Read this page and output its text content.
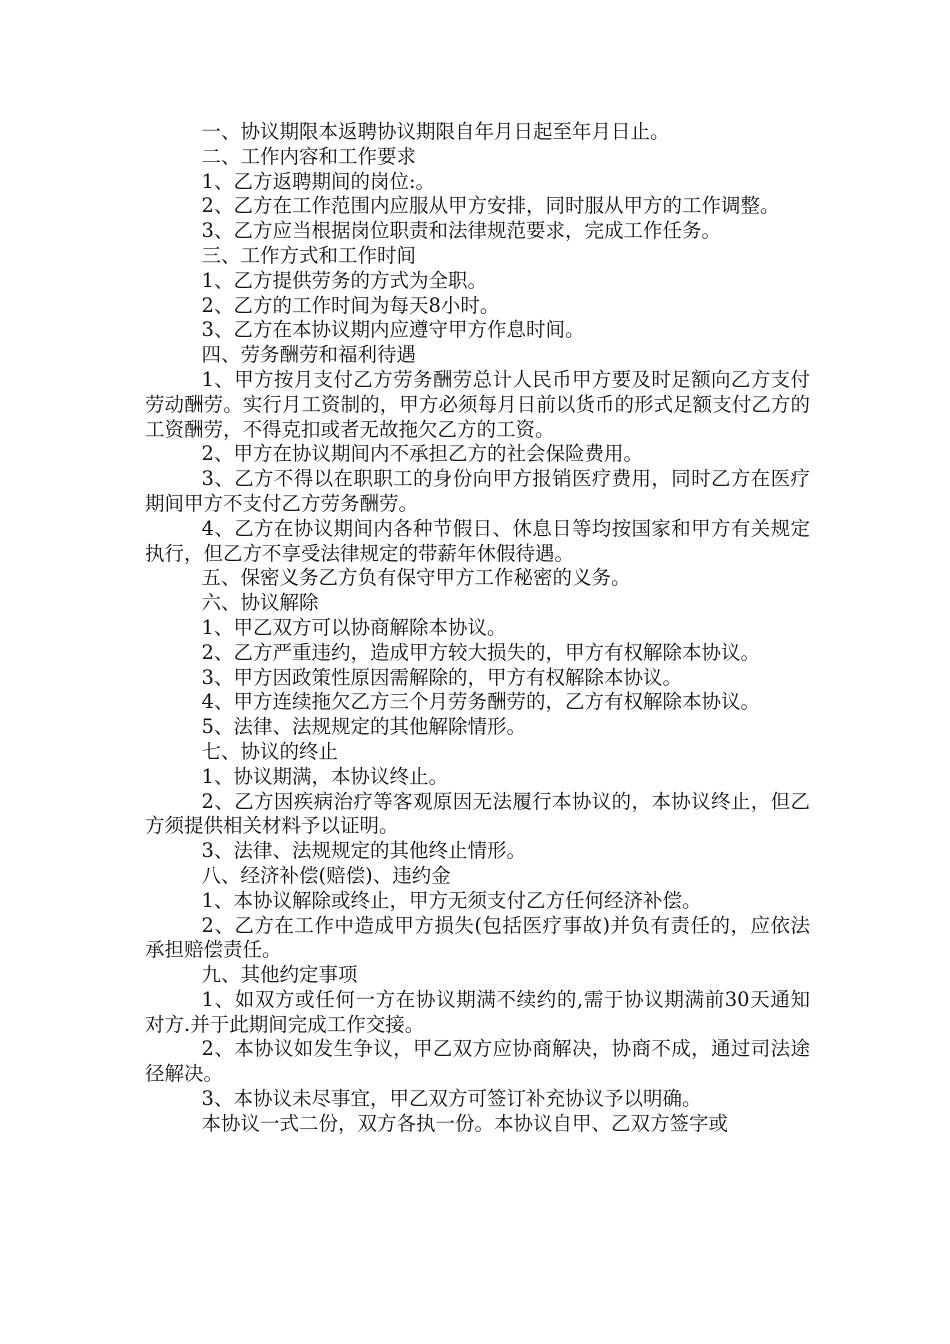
一、协议期限本返聘协议期限自年月日起至年月日止。

二、工作内容和工作要求

1、乙方返聘期间的岗位:。

2、乙方在工作范围内应服从甲方安排，同时服从甲方的工作调整。

3、乙方应当根据岗位职责和法律规范要求，完成工作任务。

三、工作方式和工作时间

1、乙方提供劳务的方式为全职。

2、乙方的工作时间为每天8小时。

3、乙方在本协议期内应遵守甲方作息时间。

四、劳务酬劳和福利待遇

1、甲方按月支付乙方劳务酬劳总计人民币甲方要及时足额向乙方支付劳动酬劳。实行月工资制的，甲方必须每月日前以货币的形式足额支付乙方的工资酬劳，不得克扣或者无故拖欠乙方的工资。

2、甲方在协议期间内不承担乙方的社会保险费用。

3、乙方不得以在职职工的身份向甲方报销医疗费用，同时乙方在医疗期间甲方不支付乙方劳务酬劳。

4、乙方在协议期间内各种节假日、休息日等均按国家和甲方有关规定执行，但乙方不享受法律规定的带薪年休假待遇。

五、保密义务乙方负有保守甲方工作秘密的义务。

六、协议解除

1、甲乙双方可以协商解除本协议。

2、乙方严重违约，造成甲方较大损失的，甲方有权解除本协议。

3、甲方因政策性原因需解除的，甲方有权解除本协议。

4、甲方连续拖欠乙方三个月劳务酬劳的，乙方有权解除本协议。

5、法律、法规规定的其他解除情形。

七、协议的终止

1、协议期满，本协议终止。

2、乙方因疾病治疗等客观原因无法履行本协议的，本协议终止，但乙方须提供相关材料予以证明。

3、法律、法规规定的其他终止情形。

八、经济补偿(赔偿)、违约金

1、本协议解除或终止，甲方无须支付乙方任何经济补偿。

2、乙方在工作中造成甲方损失(包括医疗事故)并负有责任的，应依法承担赔偿责任。

九、其他约定事项

1、如双方或任何一方在协议期满不续约的,需于协议期满前30天通知对方.并于此期间完成工作交接。

2、本协议如发生争议，甲乙双方应协商解决，协商不成，通过司法途径解决。

3、本协议未尽事宜，甲乙双方可签订补充协议予以明确。

本协议一式二份，双方各执一份。本协议自甲、乙双方签字或
